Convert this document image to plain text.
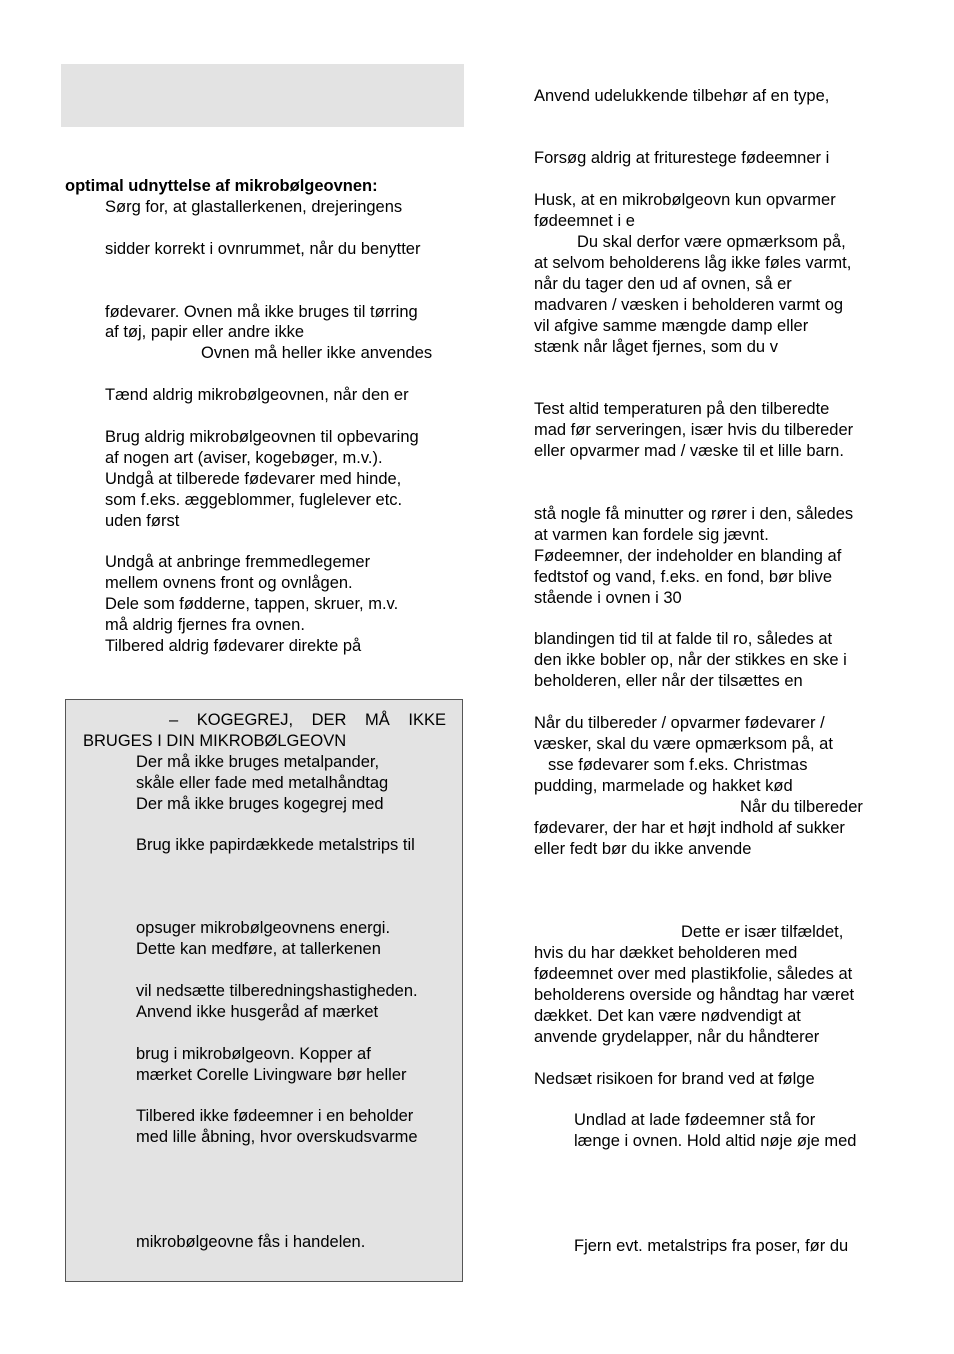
optimal udnyttelse af mikrobølgeovnen:
Sørg for, at glastallerkenen, drejeringens
sidder korrekt i ovnrummet, når du benytter
fødevarer. Ovnen må ikke bruges til tørring
af tøj, papir eller andre ikke
Ovnen må heller ikke anvendes
Tænd aldrig mikrobølgeovnen, når den er
Brug aldrig mikrobølgeovnen til opbevaring
af nogen art (aviser, kogebøger, m.v.).
Undgå at tilberede fødevarer med hinde,
som f.eks. æggeblommer, fuglelever etc.
uden først
Undgå at anbringe fremmedlegemer
mellem ovnens front og ovnlågen.
Dele som fødderne, tappen, skruer, m.v.
må aldrig fjernes fra ovnen.
Tilbered aldrig fødevarer direkte på
– KOGEGREJ, DER MÅ IKKE
BRUGES I DIN MIKROBØLGEOVN
Der må ikke bruges metalpander,
skåle eller fade med metalhåndtag
Der må ikke bruges kogegrej med
Brug ikke papirdækkede metalstrips til
opsuger mikrobølgeovnens energi.
Dette kan medføre, at tallerkenen
vil nedsætte tilberedningshastigheden.
Anvend ikke husgeråd af mærket
brug i mikrobølgeovn. Kopper af
mærket Corelle Livingware bør heller
Tilbered ikke fødeemner i en beholder
med lille åbning, hvor overskudsvarme
mikrobølgeovne fås i handelen.
Anvend udelukkende tilbehør af en type,
Forsøg aldrig at friturestege fødeemner i
Husk, at en mikrobølgeovn kun opvarmer
fødeemnet i e
Du skal derfor være opmærksom på,
at selvom beholderens låg ikke føles varmt,
når du tager den ud af ovnen, så er
madvaren / væsken i beholderen varmt og
vil afgive samme mængde damp eller
stænk når låget fjernes, som du v
Test altid temperaturen på den tilberedte
mad før serveringen, især hvis du tilbereder
eller opvarmer mad / væske til et lille barn.
stå nogle få minutter og rører i den, således
at varmen kan fordele sig jævnt.
Fødeemner, der indeholder en blanding af
fedtstof og vand, f.eks. en fond, bør blive
stående i ovnen i 30
blandingen tid til at falde til ro, således at
den ikke bobler op, når der stikkes en ske i
beholderen, eller når der tilsættes en
Når du tilbereder / opvarmer fødevarer /
væsker, skal du være opmærksom på, at
sse fødevarer som f.eks. Christmas
pudding, marmelade og hakket kød
Når du tilbereder
fødevarer, der har et højt indhold af sukker
eller fedt bør du ikke anvende
Dette er især tilfældet,
hvis du har dækket beholderen med
fødeemnet over med plastikfolie, således at
beholderens overside og håndtag har været
dækket. Det kan være nødvendigt at
anvende grydelapper, når du håndterer
Nedsæt risikoen for brand ved at følge
Undlad at lade fødeemner stå for
længe i ovnen. Hold altid nøje øje med
Fjern evt. metalstrips fra poser, før du
